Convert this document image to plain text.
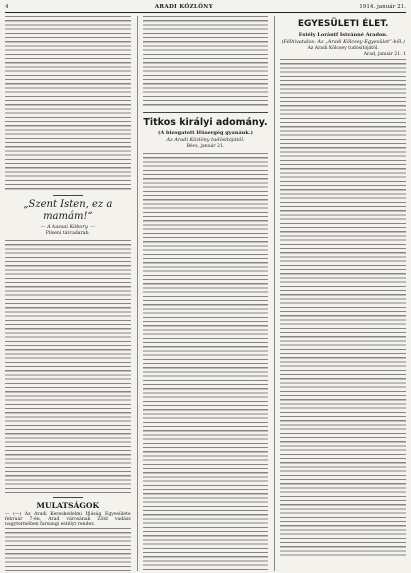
4	ARADI KÖZLÖNY	1914. január 21.
„Szent Isten, ez a mamám!“
— A kassai Kóbory. —
Pilseni tárcadarab.
MULATSÁGOK
— (—) Az Aradi Kereskedelmi Ifjúság Egyesülete február 7-én, Arad városának Zöld vadász nagytermében farsangi estélyt rendez.
Titkos királyi adomány.
(A bizogatott Hüsergég gyanánk.)
Az Aradi Közlöny tudósítójától.
Bécs, január 21.
EGYESÜLETI ÉLET.
Estély Lorántf Istvánné Aradon.
(Félhivatalos: Az „Aradi Kölcsey-Egyesület“-ből.)
Az Aradi Kölcsey tudósítójától.
Arad, január 21. 1
